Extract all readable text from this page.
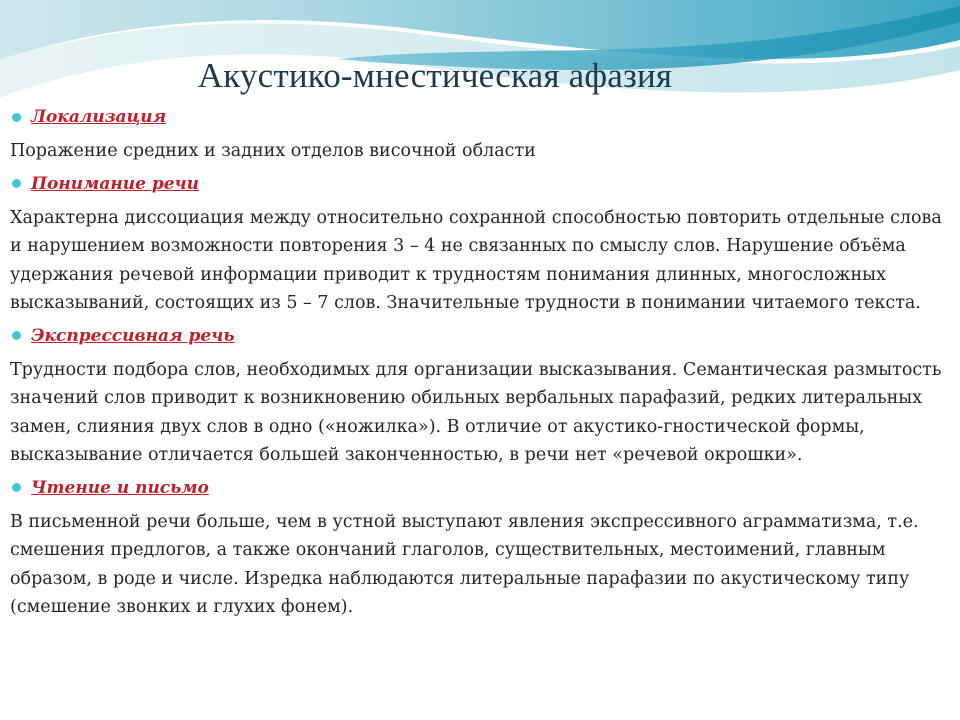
Акустико-мнестическая афазия
Локализация
Поражение средних и задних отделов височной области
Понимание речи
Характерна диссоциация между относительно сохранной способностью повторить отдельные слова и нарушением возможности повторения 3 – 4 не связанных по смыслу слов. Нарушение объёма удержания речевой информации приводит к трудностям понимания длинных, многосложных высказываний, состоящих из 5 – 7 слов. Значительные трудности в понимании читаемого текста.
Экспрессивная речь
Трудности подбора слов, необходимых для организации высказывания. Семантическая размытость значений слов приводит к возникновению обильных вербальных парафазий, редких литеральных замен, слияния двух слов в одно («ножилка»). В отличие от акустико-гностической формы, высказывание отличается большей законченностью, в речи нет «речевой окрошки».
Чтение и письмо
В письменной речи больше, чем в устной выступают явления экспрессивного аграмматизма, т.е. смешения предлогов, а также окончаний глаголов, существительных, местоимений, главным образом, в роде и числе. Изредка наблюдаются литеральные парафазии по акустическому типу (смешение звонких и глухих фонем).
